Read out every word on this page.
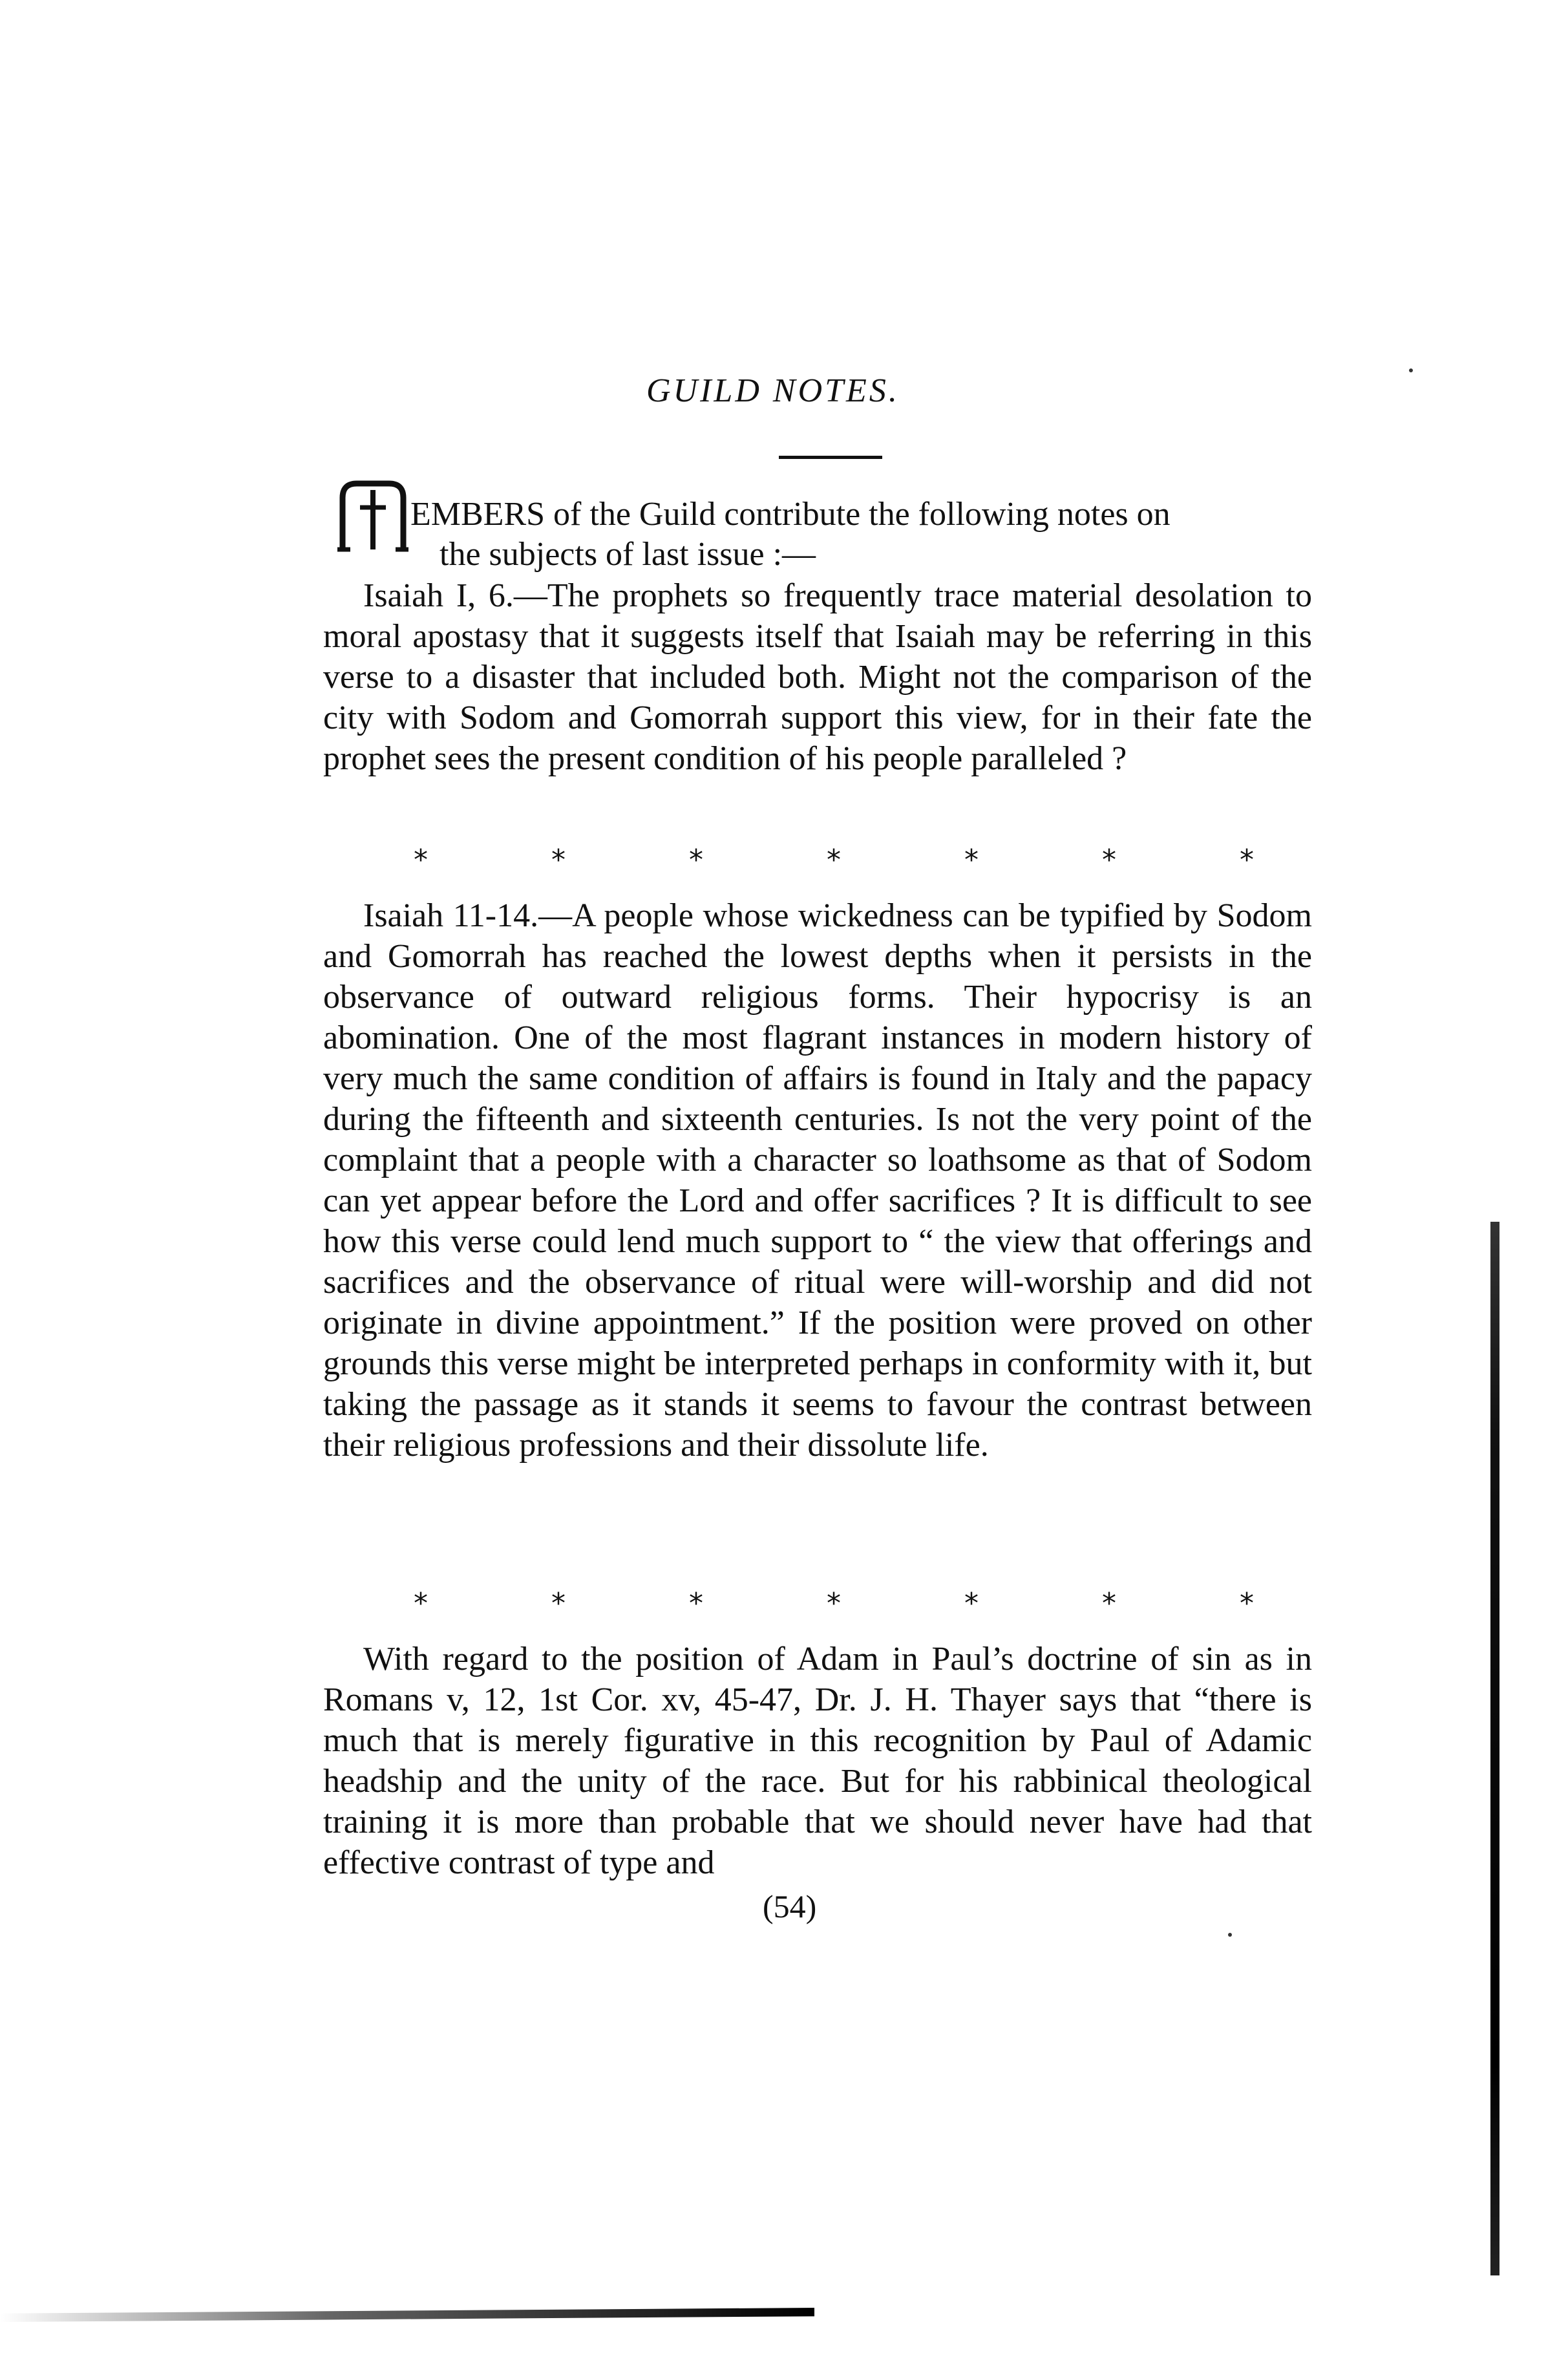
GUILD NOTES.
EMBERS of the Guild contribute the following notes on
the subjects of last issue :—

Isaiah I, 6.—The prophets so frequently trace material desolation to moral apostasy that it suggests itself that Isaiah may be referring in this verse to a disaster that included both. Might not the comparison of the city with Sodom and Gomorrah support this view, for in their fate the prophet sees the present condition of his people paralleled ?

*	*	*	*	*	*	*

Isaiah 11-14.—A people whose wickedness can be typified by Sodom and Gomorrah has reached the lowest depths when it persists in the observance of outward religious forms. Their hypocrisy is an abomination. One of the most flagrant instances in modern history of very much the same condition of affairs is found in Italy and the papacy during the fifteenth and sixteenth centuries. Is not the very point of the complaint that a people with a character so loathsome as that of Sodom can yet appear before the Lord and offer sacrifices ? It is difficult to see how this verse could lend much support to “ the view that offerings and sacrifices and the observance of ritual were will-worship and did not originate in divine appointment.” If the position were proved on other grounds this verse might be interpreted perhaps in conformity with it, but taking the passage as it stands it seems to favour the contrast between their religious professions and their dissolute life.

*	*	*	*	*	*	*

With regard to the position of Adam in Paul’s doctrine of sin as in Romans v, 12, 1st Cor. xv, 45-47, Dr. J. H. Thayer says that “there is much that is merely figurative in this recognition by Paul of Adamic headship and the unity of the race. But for his rabbinical theological training it is more than probable that we should never have had that effective contrast of type and

(54)
